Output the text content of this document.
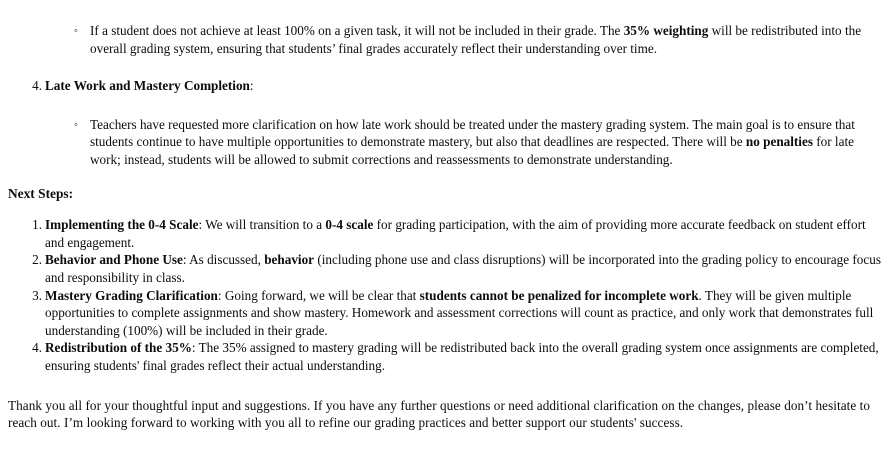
◦ If a student does not achieve at least 100% on a given task, it will not be included in their grade. The 35% weighting will be redistributed into the overall grading system, ensuring that students’ final grades accurately reflect their understanding over time.
4. Late Work and Mastery Completion:
◦ Teachers have requested more clarification on how late work should be treated under the mastery grading system. The main goal is to ensure that students continue to have multiple opportunities to demonstrate mastery, but also that deadlines are respected. There will be no penalties for late work; instead, students will be allowed to submit corrections and reassessments to demonstrate understanding.

Next Steps:

1. Implementing the 0-4 Scale: We will transition to a 0-4 scale for grading participation, with the aim of providing more accurate feedback on student effort and engagement.
2. Behavior and Phone Use: As discussed, behavior (including phone use and class disruptions) will be incorporated into the grading policy to encourage focus and responsibility in class.
3. Mastery Grading Clarification: Going forward, we will be clear that students cannot be penalized for incomplete work. They will be given multiple opportunities to complete assignments and show mastery. Homework and assessment corrections will count as practice, and only work that demonstrates full understanding (100%) will be included in their grade.
4. Redistribution of the 35%: The 35% assigned to mastery grading will be redistributed back into the overall grading system once assignments are completed, ensuring students' final grades reflect their actual understanding.

Thank you all for your thoughtful input and suggestions. If you have any further questions or need additional clarification on the changes, please don’t hesitate to reach out. I’m looking forward to working with you all to refine our grading practices and better support our students' success.
